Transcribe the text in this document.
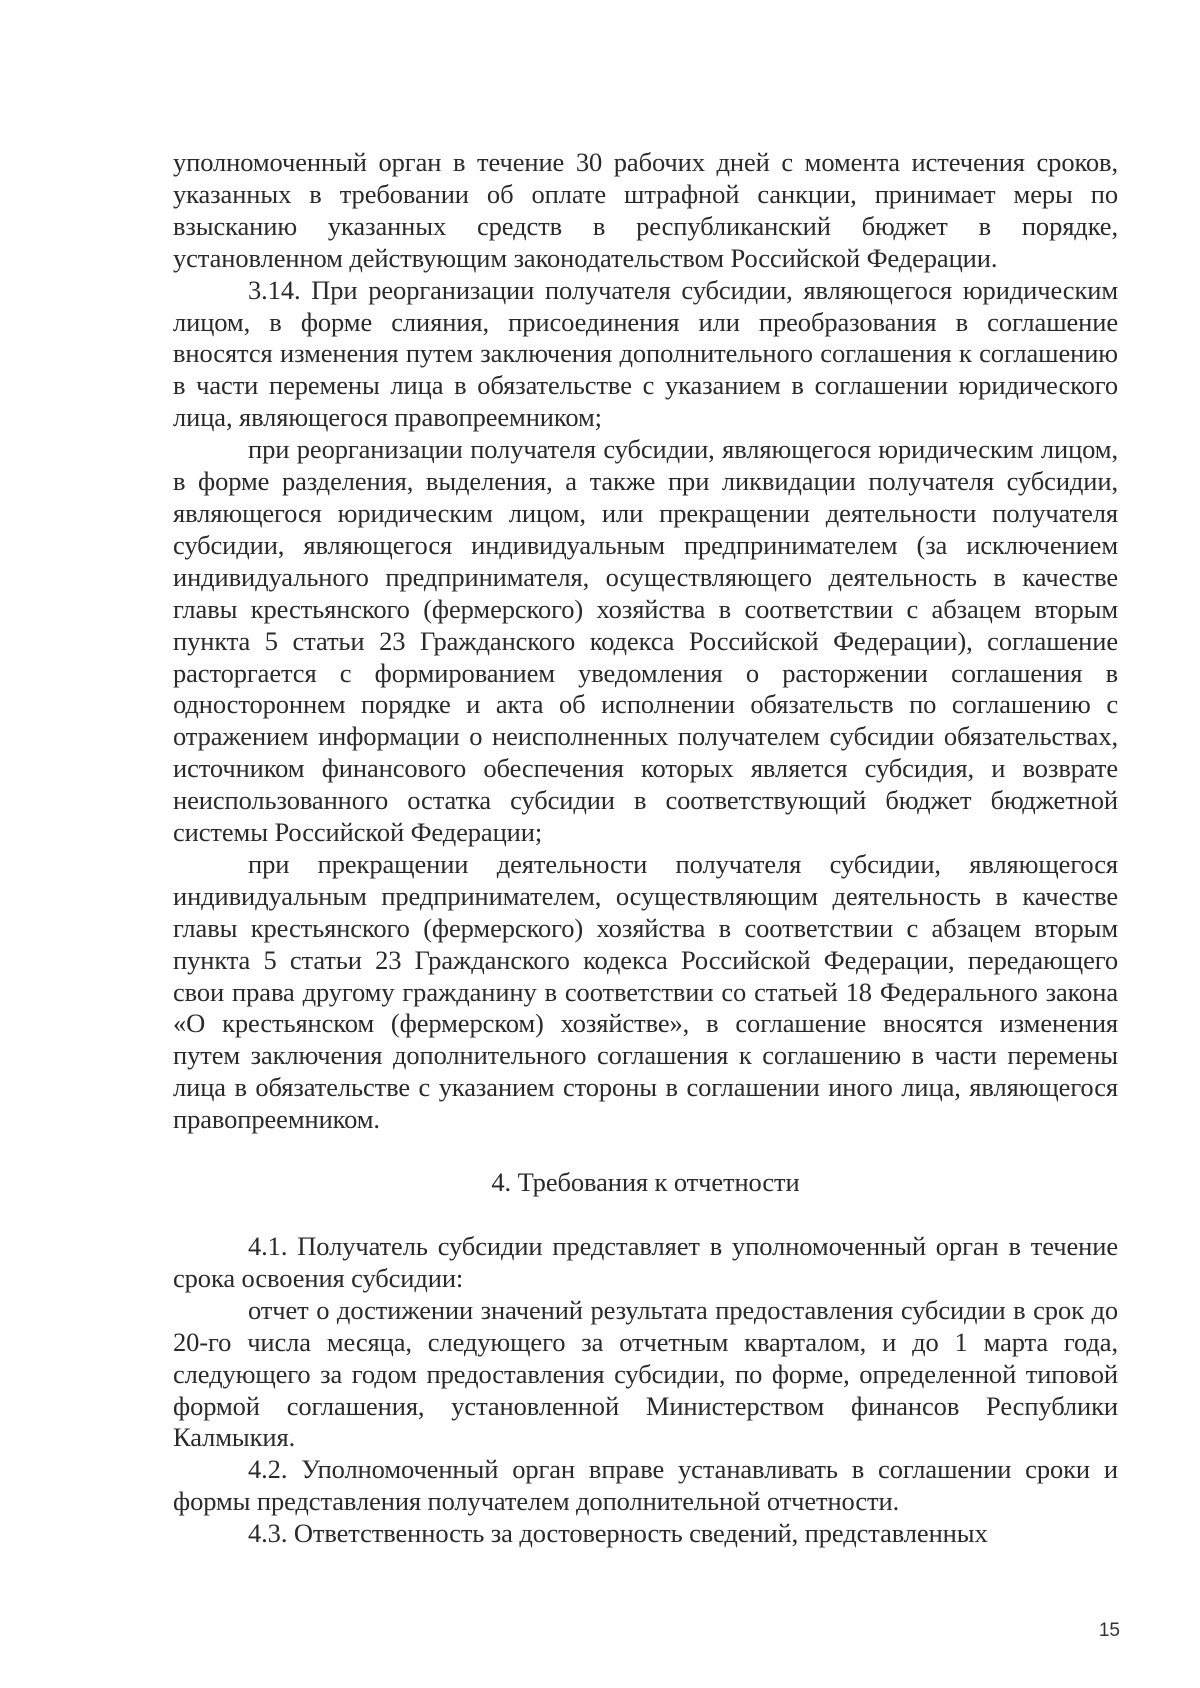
уполномоченный орган в течение 30 рабочих дней с момента истечения сроков, указанных в требовании об оплате штрафной санкции, принимает меры по взысканию указанных средств в республиканский бюджет в порядке, установленном действующим законодательством Российской Федерации.

3.14. При реорганизации получателя субсидии, являющегося юридическим лицом, в форме слияния, присоединения или преобразования в соглашение вносятся изменения путем заключения дополнительного соглашения к соглашению в части перемены лица в обязательстве с указанием в соглашении юридического лица, являющегося правопреемником;

при реорганизации получателя субсидии, являющегося юридическим лицом, в форме разделения, выделения, а также при ликвидации получателя субсидии, являющегося юридическим лицом, или прекращении деятельности получателя субсидии, являющегося индивидуальным предпринимателем (за исключением индивидуального предпринимателя, осуществляющего деятельность в качестве главы крестьянского (фермерского) хозяйства в соответствии с абзацем вторым пункта 5 статьи 23 Гражданского кодекса Российской Федерации), соглашение расторгается с формированием уведомления о расторжении соглашения в одностороннем порядке и акта об исполнении обязательств по соглашению с отражением информации о неисполненных получателем субсидии обязательствах, источником финансового обеспечения которых является субсидия, и возврате неиспользованного остатка субсидии в соответствующий бюджет бюджетной системы Российской Федерации;

при прекращении деятельности получателя субсидии, являющегося индивидуальным предпринимателем, осуществляющим деятельность в качестве главы крестьянского (фермерского) хозяйства в соответствии с абзацем вторым пункта 5 статьи 23 Гражданского кодекса Российской Федерации, передающего свои права другому гражданину в соответствии со статьей 18 Федерального закона «О крестьянском (фермерском) хозяйстве», в соглашение вносятся изменения путем заключения дополнительного соглашения к соглашению в части перемены лица в обязательстве с указанием стороны в соглашении иного лица, являющегося правопреемником.

4. Требования к отчетности

4.1. Получатель субсидии представляет в уполномоченный орган в течение срока освоения субсидии:

отчет о достижении значений результата предоставления субсидии в срок до 20-го числа месяца, следующего за отчетным кварталом, и до 1 марта года, следующего за годом предоставления субсидии, по форме, определенной типовой формой соглашения, установленной Министерством финансов Республики Калмыкия.

4.2. Уполномоченный орган вправе устанавливать в соглашении сроки и формы представления получателем дополнительной отчетности.

4.3. Ответственность за достоверность сведений, представленных

15
